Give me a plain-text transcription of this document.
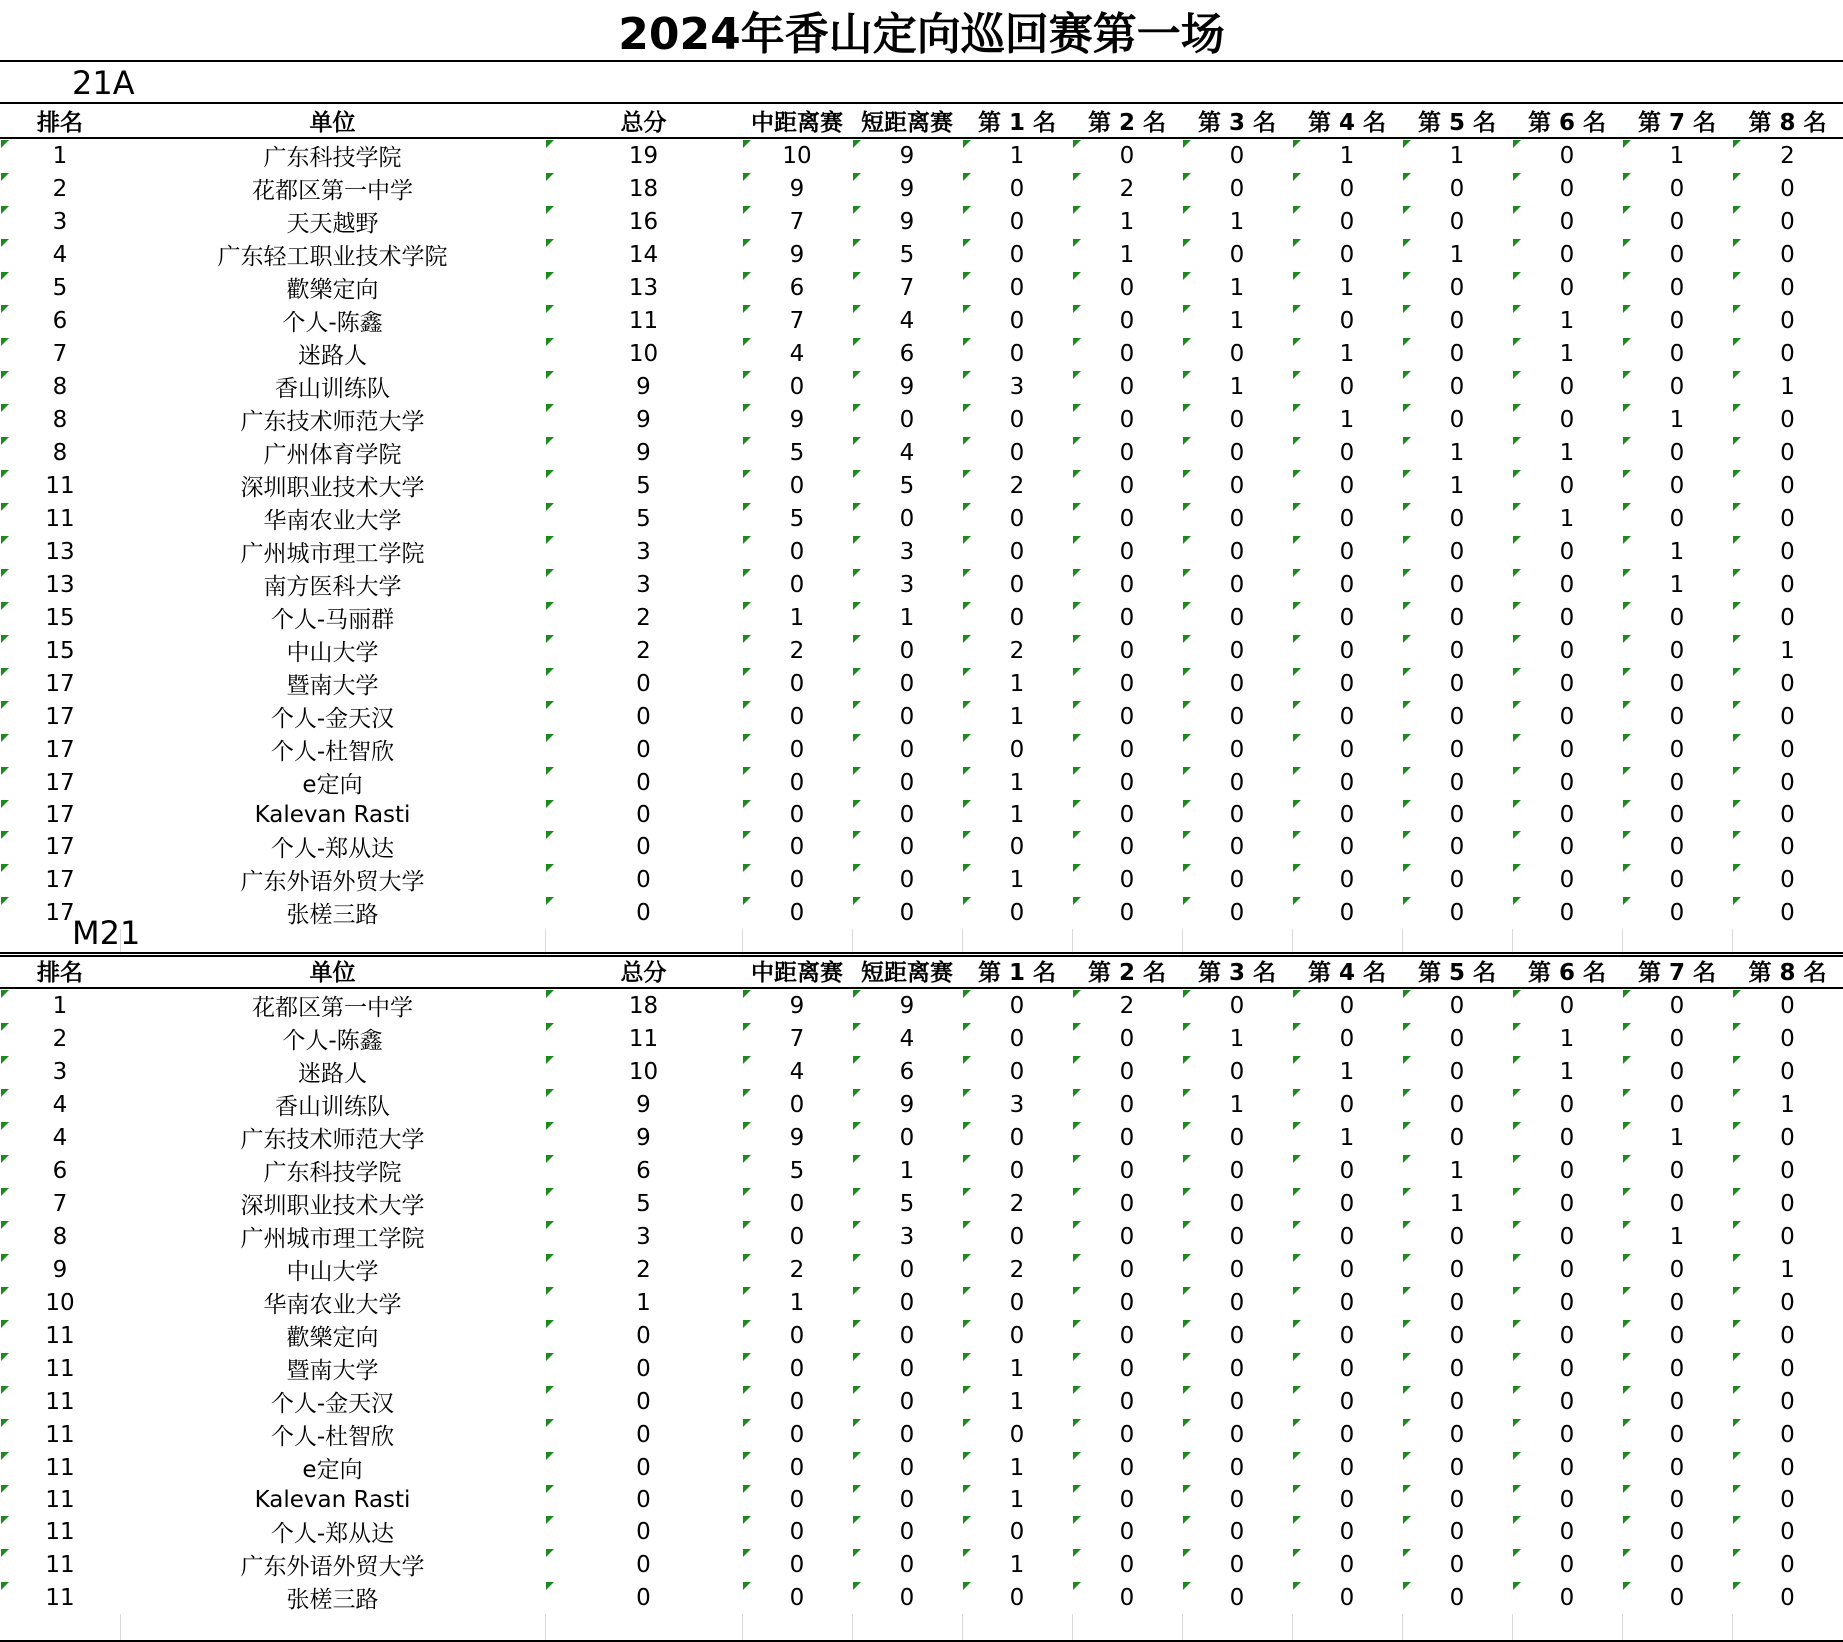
2024年香山定向巡回赛第一场
21A
排名	单位	总分	中距离赛	短距离赛	第 1 名	第 2 名	第 3 名	第 4 名	第 5 名	第 6 名	第 7 名	第 8 名
1	广东科技学院	19	10	9	1	0	0	1	1	0	1	2
2	花都区第一中学	18	9	9	0	2	0	0	0	0	0	0
3	天天越野	16	7	9	0	1	1	0	0	0	0	0
4	广东轻工职业技术学院	14	9	5	0	1	0	0	1	0	0	0
5	歡樂定向	13	6	7	0	0	1	1	0	0	0	0
6	个人-陈鑫	11	7	4	0	0	1	0	0	1	0	0
7	迷路人	10	4	6	0	0	0	1	0	1	0	0
8	香山训练队	9	0	9	3	0	1	0	0	0	0	1
8	广东技术师范大学	9	9	0	0	0	0	1	0	0	1	0
8	广州体育学院	9	5	4	0	0	0	0	1	1	0	0
11	深圳职业技术大学	5	0	5	2	0	0	0	1	0	0	0
11	华南农业大学	5	5	0	0	0	0	0	0	1	0	0
13	广州城市理工学院	3	0	3	0	0	0	0	0	0	1	0
13	南方医科大学	3	0	3	0	0	0	0	0	0	1	0
15	个人-马丽群	2	1	1	0	0	0	0	0	0	0	0
15	中山大学	2	2	0	2	0	0	0	0	0	0	1
17	暨南大学	0	0	0	1	0	0	0	0	0	0	0
17	个人-金天汉	0	0	0	1	0	0	0	0	0	0	0
17	个人-杜智欣	0	0	0	0	0	0	0	0	0	0	0
17	e定向	0	0	0	1	0	0	0	0	0	0	0
17	Kalevan Rasti	0	0	0	1	0	0	0	0	0	0	0
17	个人-郑从达	0	0	0	0	0	0	0	0	0	0	0
17	广东外语外贸大学	0	0	0	1	0	0	0	0	0	0	0
17	张槎三路	0	0	0	0	0	0	0	0	0	0	0

M21
排名	单位	总分	中距离赛	短距离赛	第 1 名	第 2 名	第 3 名	第 4 名	第 5 名	第 6 名	第 7 名	第 8 名
1	花都区第一中学	18	9	9	0	2	0	0	0	0	0	0
2	个人-陈鑫	11	7	4	0	0	1	0	0	1	0	0
3	迷路人	10	4	6	0	0	0	1	0	1	0	0
4	香山训练队	9	0	9	3	0	1	0	0	0	0	1
4	广东技术师范大学	9	9	0	0	0	0	1	0	0	1	0
6	广东科技学院	6	5	1	0	0	0	0	1	0	0	0
7	深圳职业技术大学	5	0	5	2	0	0	0	1	0	0	0
8	广州城市理工学院	3	0	3	0	0	0	0	0	0	1	0
9	中山大学	2	2	0	2	0	0	0	0	0	0	1
10	华南农业大学	1	1	0	0	0	0	0	0	0	0	0
11	歡樂定向	0	0	0	0	0	0	0	0	0	0	0
11	暨南大学	0	0	0	1	0	0	0	0	0	0	0
11	个人-金天汉	0	0	0	1	0	0	0	0	0	0	0
11	个人-杜智欣	0	0	0	0	0	0	0	0	0	0	0
11	e定向	0	0	0	1	0	0	0	0	0	0	0
11	Kalevan Rasti	0	0	0	1	0	0	0	0	0	0	0
11	个人-郑从达	0	0	0	0	0	0	0	0	0	0	0
11	广东外语外贸大学	0	0	0	1	0	0	0	0	0	0	0
11	张槎三路	0	0	0	0	0	0	0	0	0	0	0
